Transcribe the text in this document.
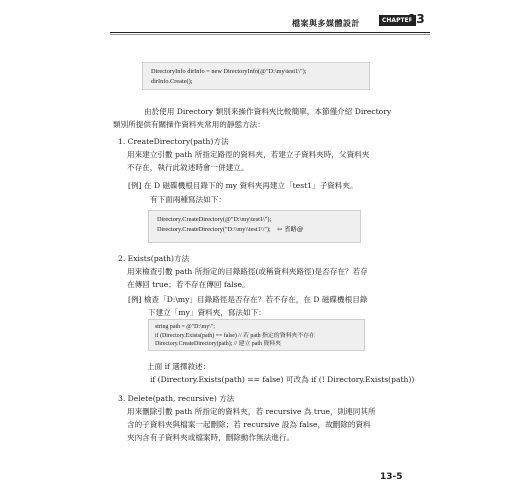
檔案與多媒體設計	CHAPTER
13
DirectoryInfo dirInfo = new DirectoryInfo(@"D:\my\test1\");
dirInfo.Create();
由於使用 Directory 類別來操作資料夾比較簡單，本節僅介紹 Directory
類別所提供有關操作資料夾常用的靜態方法：
1. CreateDirectory(path)方法
用來建立引數 path 所指定路徑的資料夾，若建立子資料夾時，父資料夾
不存在，執行此敘述時會一併建立。
[例] 在 D 磁碟機根目錄下的 my 資料夾再建立「test1」子資料夾。
有下面兩種寫法如下：
Directory.CreateDirectory(@"D:\my\test1\");
Directory.CreateDirectory("D:\\my\\test1\\"); ⇦ 省略@
2. Exists(path)方法
用來檢查引數 path 所指定的目錄路徑(或稱資料夾路徑)是否存在？若存
在傳回 true；若不存在傳回 false。
[例] 檢查「D:\my」目錄路徑是否存在？若不存在，在 D 磁碟機根目錄
下建立「my」資料夾，寫法如下：
string path = @"D:\my\";
if (Directory.Exists(path) == false) // 若 path 指定的資料夾不存在
Directory.CreateDirectory(path); // 建立 path 資料夾
上面 if 選擇敘述：
if (Directory.Exists(path) == false) 可改為 if (! Directory.Exists(path))
3. Delete(path, recursive) 方法
用來刪除引數 path 所指定的資料夾，若 recursive 為 true，則連同其所
含的子資料夾與檔案一起刪除；若 recursive 設為 false，故刪除的資料
夾內含有子資料夾或檔案時，刪除動作無法進行。
13-5
